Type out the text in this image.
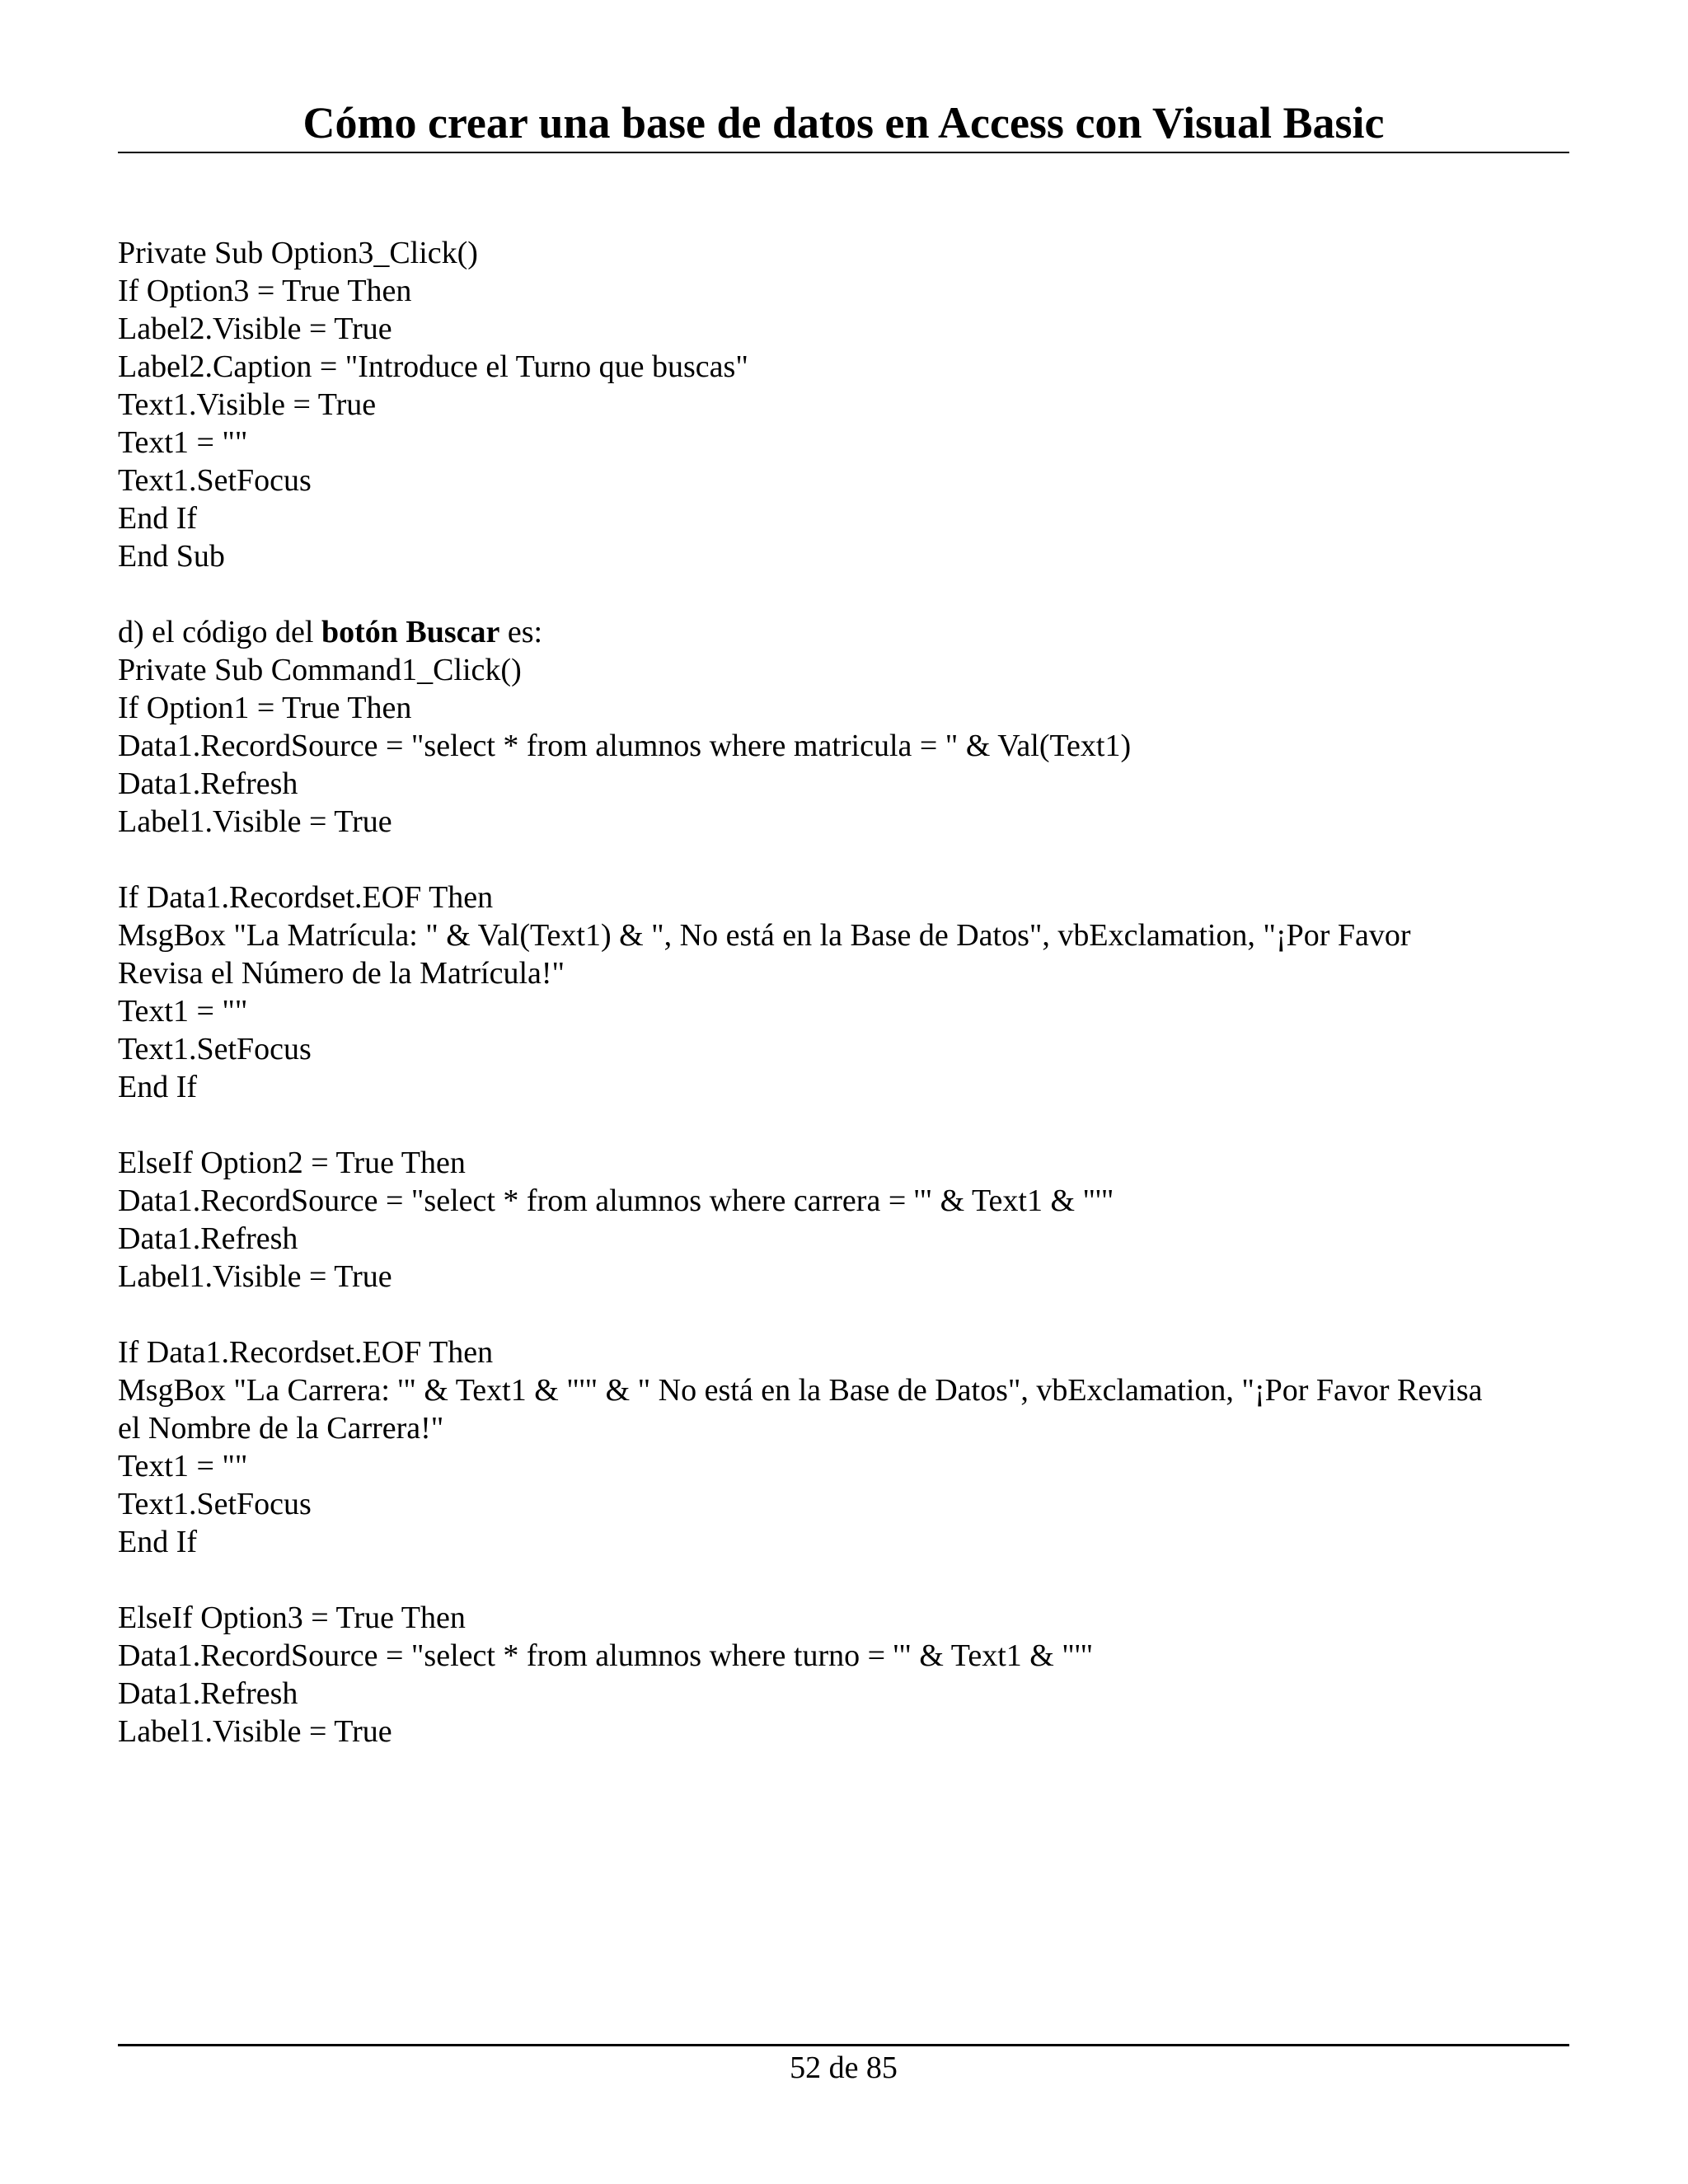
Cómo crear una base de datos en Access con Visual Basic
Private Sub Option3_Click()
If Option3 = True Then
Label2.Visible = True
Label2.Caption = "Introduce el Turno que buscas"
Text1.Visible = True
Text1 = ""
Text1.SetFocus
End If
End Sub
d) el código del botón Buscar es:
Private Sub Command1_Click()
If Option1 = True Then
Data1.RecordSource = "select * from alumnos where matricula = " & Val(Text1)
Data1.Refresh
Label1.Visible = True
If Data1.Recordset.EOF Then
MsgBox "La Matrícula: " & Val(Text1) & ", No está en la Base de Datos", vbExclamation, "¡Por Favor
Revisa el Número de la Matrícula!"
Text1 = ""
Text1.SetFocus
End If
ElseIf Option2 = True Then
Data1.RecordSource = "select * from alumnos where carrera = '" & Text1 & "'"
Data1.Refresh
Label1.Visible = True
If Data1.Recordset.EOF Then
MsgBox "La Carrera: '" & Text1 & "'" & " No está en la Base de Datos", vbExclamation, "¡Por Favor Revisa
el Nombre de la Carrera!"
Text1 = ""
Text1.SetFocus
End If
ElseIf Option3 = True Then
Data1.RecordSource = "select * from alumnos where turno = '" & Text1 & "'"
Data1.Refresh
Label1.Visible = True
52 de 85
